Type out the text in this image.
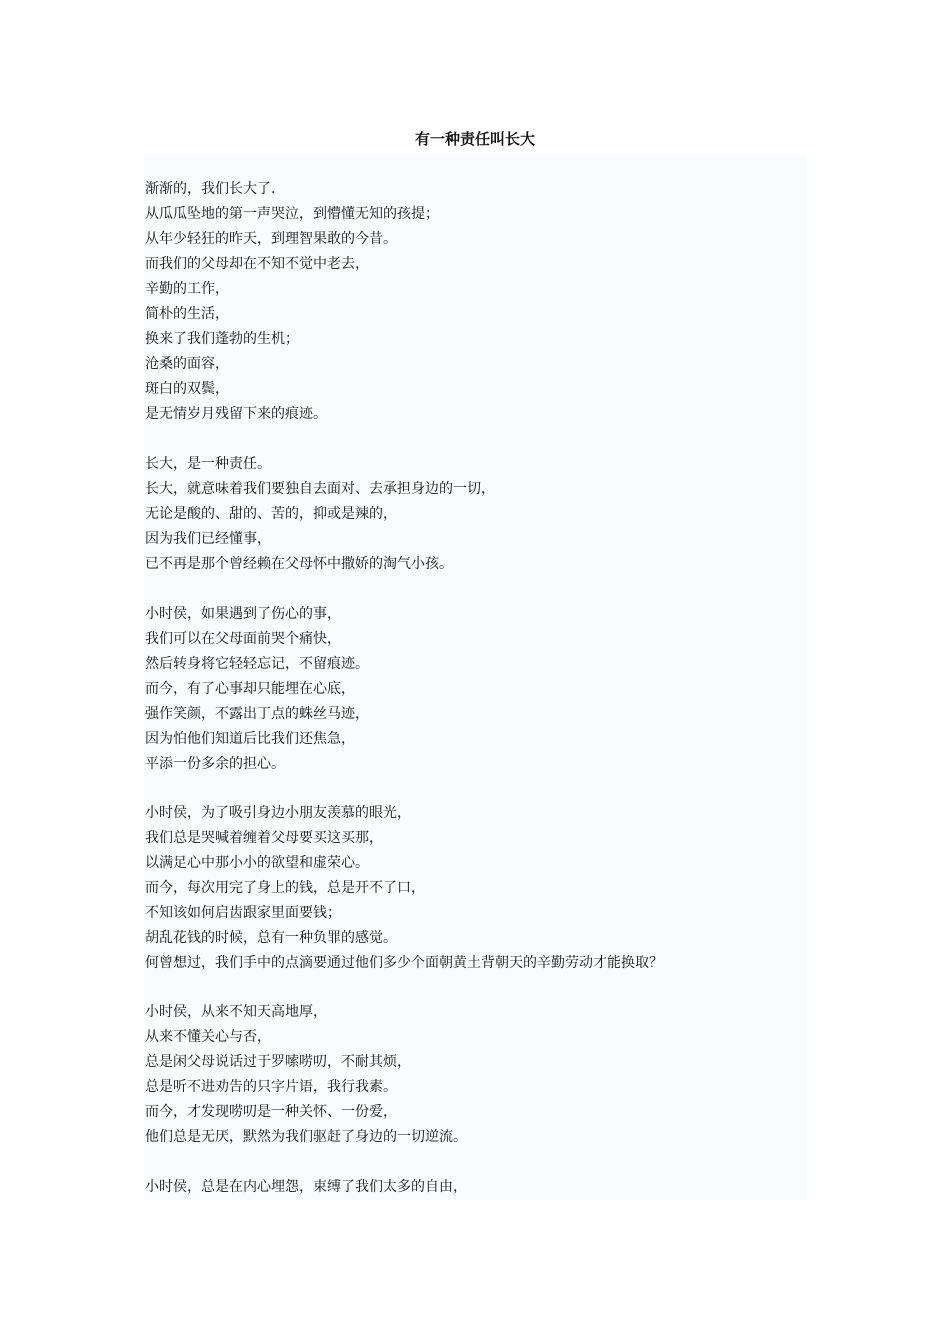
有一种责任叫长大
渐渐的，我们长大了.
从瓜瓜坠地的第一声哭泣，到懵懂无知的孩提；
从年少轻狂的昨天，到理智果敢的今昔。
而我们的父母却在不知不觉中老去，
辛勤的工作，
简朴的生活，
换来了我们蓬勃的生机；
沧桑的面容，
斑白的双鬓，
是无情岁月残留下来的痕迹。
长大，是一种责任。
长大，就意味着我们要独自去面对、去承担身边的一切，
无论是酸的、甜的、苦的，抑或是辣的，
因为我们已经懂事，
已不再是那个曾经赖在父母怀中撒娇的淘气小孩。
小时侯，如果遇到了伤心的事，
我们可以在父母面前哭个痛快，
然后转身将它轻轻忘记，不留痕迹。
而今，有了心事却只能埋在心底，
强作笑颜，不露出丁点的蛛丝马迹，
因为怕他们知道后比我们还焦急，
平添一份多余的担心。
小时侯，为了吸引身边小朋友羡慕的眼光，
我们总是哭喊着缠着父母要买这买那，
以满足心中那小小的欲望和虚荣心。
而今，每次用完了身上的钱，总是开不了口，
不知该如何启齿跟家里面要钱；
胡乱花钱的时候，总有一种负罪的感觉。
何曾想过，我们手中的点滴要通过他们多少个面朝黄土背朝天的辛勤劳动才能换取？
小时侯，从来不知天高地厚，
从来不懂关心与否，
总是闲父母说话过于罗嗦唠叨，不耐其烦，
总是听不进劝告的只字片语，我行我素。
而今，才发现唠叨是一种关怀、一份爱，
他们总是无厌，默然为我们驱赶了身边的一切逆流。
小时侯，总是在内心埋怨，束缚了我们太多的自由，
